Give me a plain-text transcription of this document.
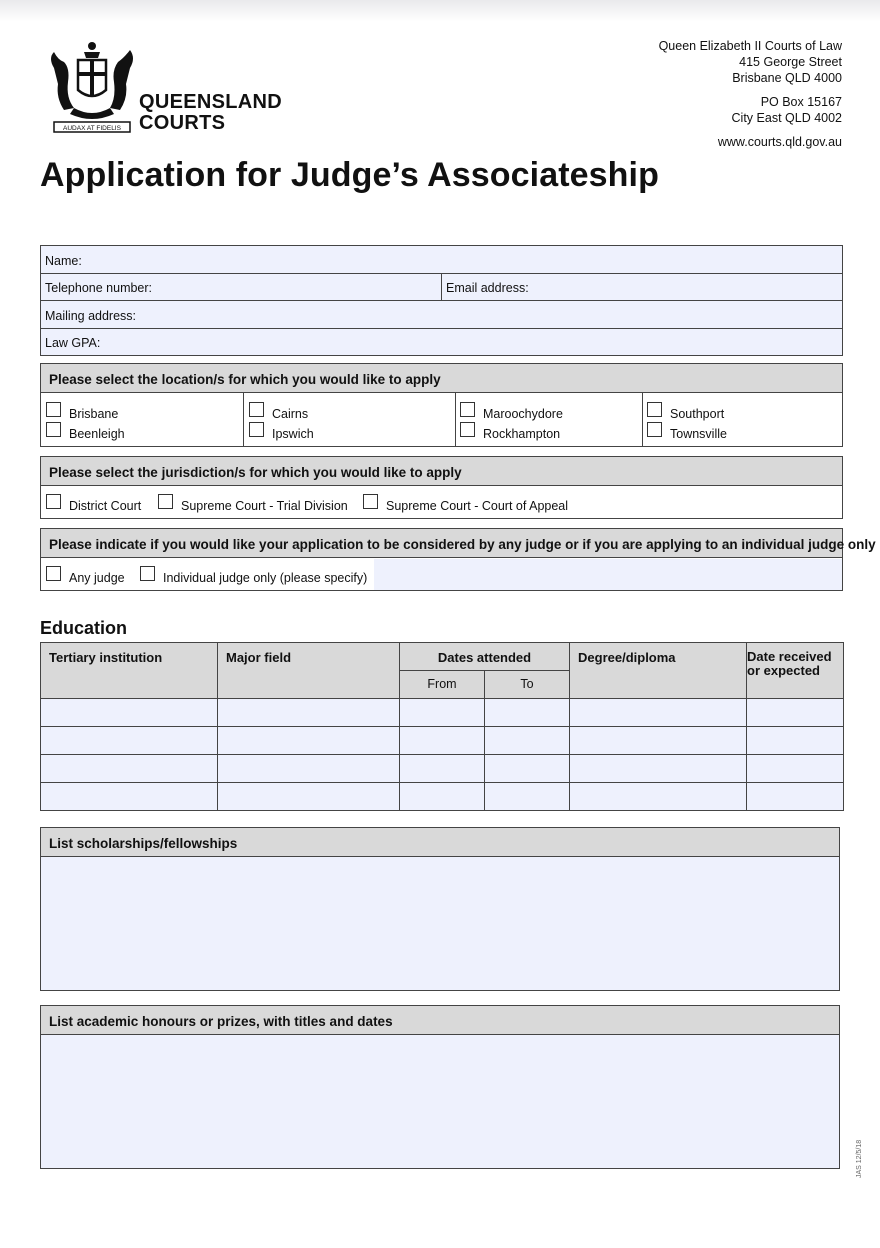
AUDAX AT FIDELIS
QUEENSLAND
COURTS
Queen Elizabeth II Courts of Law
415 George Street
Brisbane QLD 4000
PO Box 15167
City East QLD 4002
www.courts.qld.gov.au
Application for Judge’s Associateship
Name:
Telephone number:	Email address:
Mailing address:
Law GPA:
Please select the location/s for which you would like to apply
Brisbane
Beenleigh
Cairns
Ipswich
Maroochydore
Rockhampton
Southport
Townsville
Please select the jurisdiction/s for which you would like to apply
District Court	Supreme Court - Trial Division	Supreme Court - Court of Appeal
Please indicate if you would like your application to be considered by any judge or if you are applying to an individual judge only
Any judge	Individual judge only (please specify)
Education
Tertiary institution	Major field	Dates attended		Degree/diploma	Date received or expected
		From	To		

List scholarships/fellowships
List academic honours or prizes, with titles and dates
JAS 12/5/18
